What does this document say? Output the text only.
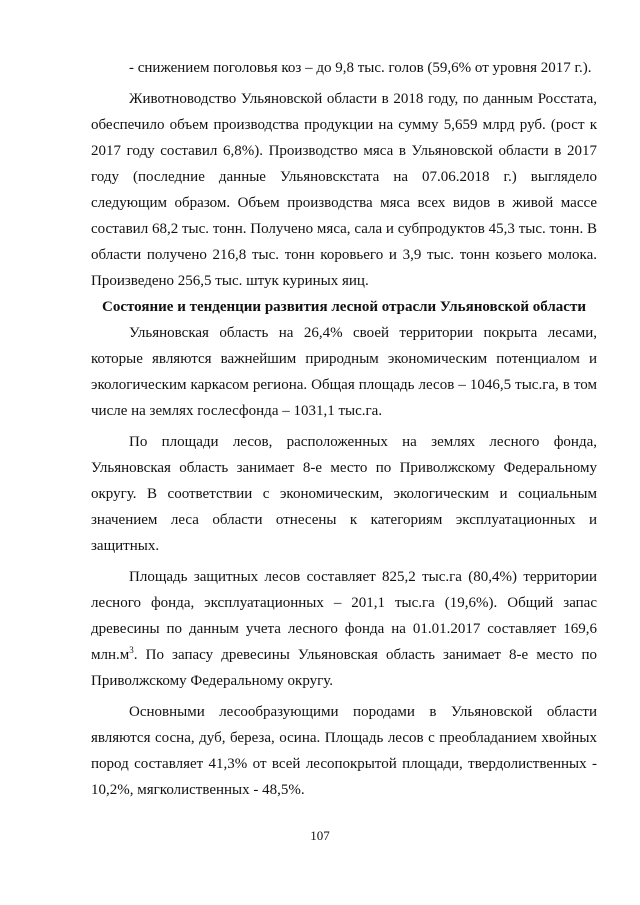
- снижением поголовья коз – до 9,8 тыс. голов (59,6% от уровня 2017 г.).

Животноводство Ульяновской области в 2018 году, по данным Росстата, обеспечило объем производства продукции на сумму 5,659 млрд руб. (рост к 2017 году составил 6,8%). Производство мяса в Ульяновской области в 2017 году (последние данные Ульяновскстата на 07.06.2018 г.) выглядело следующим образом. Объем производства мяса всех видов в живой массе составил 68,2 тыс. тонн. Получено мяса, сала и субпродуктов 45,3 тыс. тонн. В области получено 216,8 тыс. тонн коровьего и 3,9 тыс. тонн козьего молока. Произведено 256,5 тыс. штук куриных яиц.

Состояние и тенденции развития лесной отрасли Ульяновской области

Ульяновская область на 26,4% своей территории покрыта лесами, которые являются важнейшим природным экономическим потенциалом и экологическим каркасом региона. Общая площадь лесов – 1046,5 тыс.га, в том числе на землях гослесфонда – 1031,1 тыс.га.

По площади лесов, расположенных на землях лесного фонда, Ульяновская область занимает 8-е место по Приволжскому Федеральному округу. В соответствии с экономическим, экологическим и социальным значением леса области отнесены к категориям эксплуатационных и защитных.

Площадь защитных лесов составляет 825,2 тыс.га (80,4%) территории лесного фонда, эксплуатационных – 201,1 тыс.га (19,6%). Общий запас древесины по данным учета лесного фонда на 01.01.2017 составляет 169,6 $млн.м^3$. По запасу древесины Ульяновская область занимает 8-е место по Приволжскому Федеральному округу.

Основными лесообразующими породами в Ульяновской области являются сосна, дуб, береза, осина. Площадь лесов с преобладанием хвойных пород составляет 41,3% от всей лесопокрытой площади, твердолиственных - 10,2%, мягколиственных - 48,5%.

107
